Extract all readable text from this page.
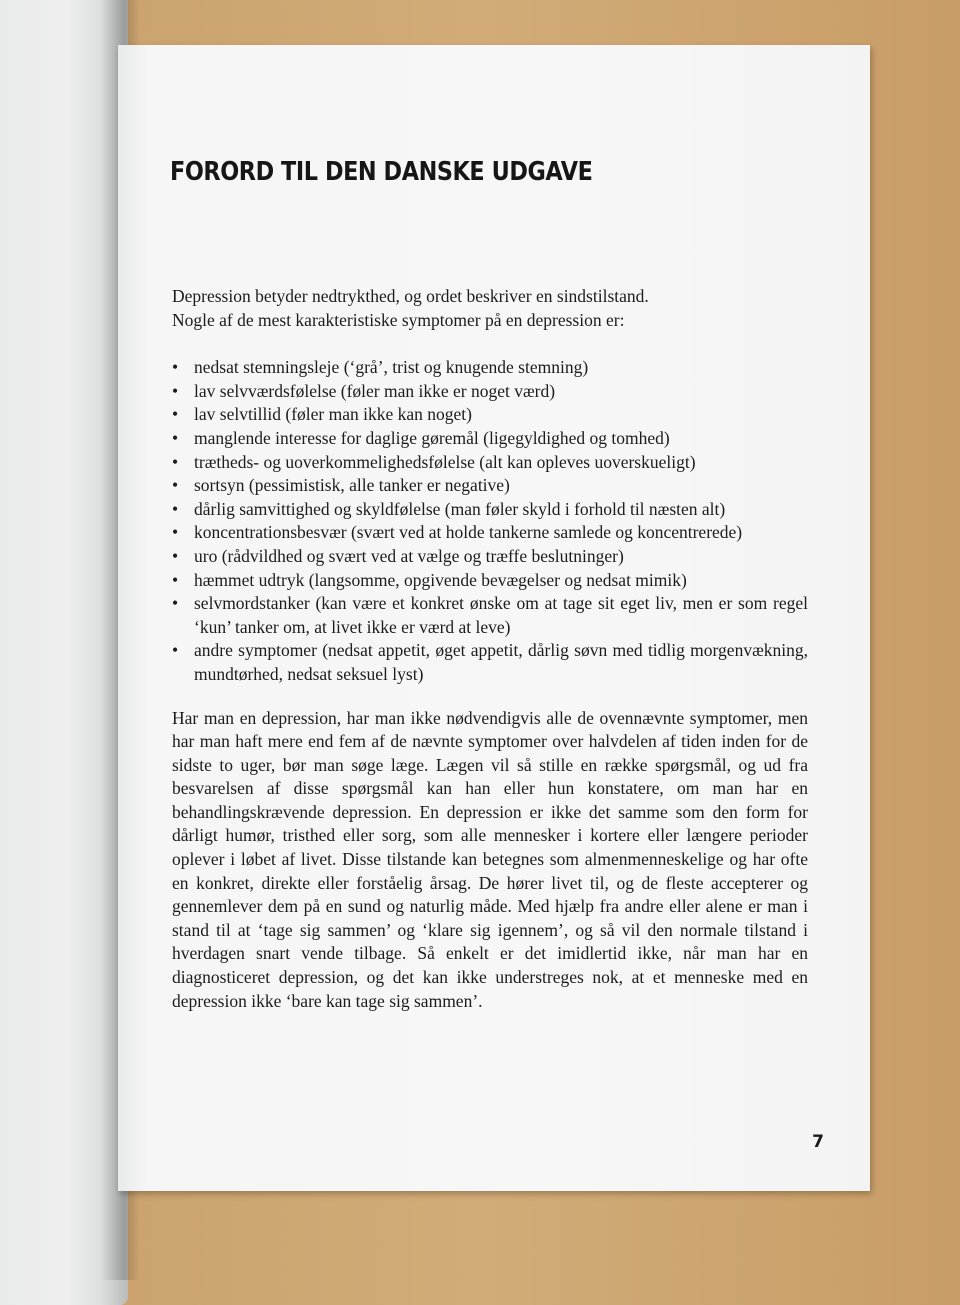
FORORD TIL DEN DANSKE UDGAVE

Depression betyder nedtrykthed, og ordet beskriver en sindstilstand.
Nogle af de mest karakteristiske symptomer på en depression er:

• nedsat stemningsleje (‘grå’, trist og knugende stemning)
• lav selvværdsfølelse (føler man ikke er noget værd)
• lav selvtillid (føler man ikke kan noget)
• manglende interesse for daglige gøremål (ligegyldighed og tomhed)
• trætheds- og uoverkommelighedsfølelse (alt kan opleves uoverskueligt)
• sortsyn (pessimistisk, alle tanker er negative)
• dårlig samvittighed og skyldfølelse (man føler skyld i forhold til næsten alt)
• koncentrationsbesvær (svært ved at holde tankerne samlede og koncentrerede)
• uro (rådvildhed og svært ved at vælge og træffe beslutninger)
• hæmmet udtryk (langsomme, opgivende bevægelser og nedsat mimik)
• selvmordstanker (kan være et konkret ønske om at tage sit eget liv, men er som regel ‘kun’ tanker om, at livet ikke er værd at leve)
• andre symptomer (nedsat appetit, øget appetit, dårlig søvn med tidlig morgenvækning, mundtørhed, nedsat seksuel lyst)

Har man en depression, har man ikke nødvendigvis alle de ovennævnte symptomer, men har man haft mere end fem af de nævnte symptomer over halvdelen af tiden inden for de sidste to uger, bør man søge læge. Lægen vil så stille en række spørgsmål, og ud fra besvarelsen af disse spørgsmål kan han eller hun konstatere, om man har en behandlingskrævende depression. En depression er ikke det samme som den form for dårligt humør, tristhed eller sorg, som alle mennesker i kortere eller længere perioder oplever i løbet af livet. Disse tilstande kan betegnes som almenmenneskelige og har ofte en konkret, direkte eller forståelig årsag. De hører livet til, og de fleste accepterer og gennemlever dem på en sund og naturlig måde. Med hjælp fra andre eller alene er man i stand til at ‘tage sig sammen’ og ‘klare sig igennem’, og så vil den normale tilstand i hverdagen snart vende tilbage. Så enkelt er det imidlertid ikke, når man har en diagnosticeret depression, og det kan ikke understreges nok, at et menneske med en depression ikke ‘bare kan tage sig sammen’.

7
